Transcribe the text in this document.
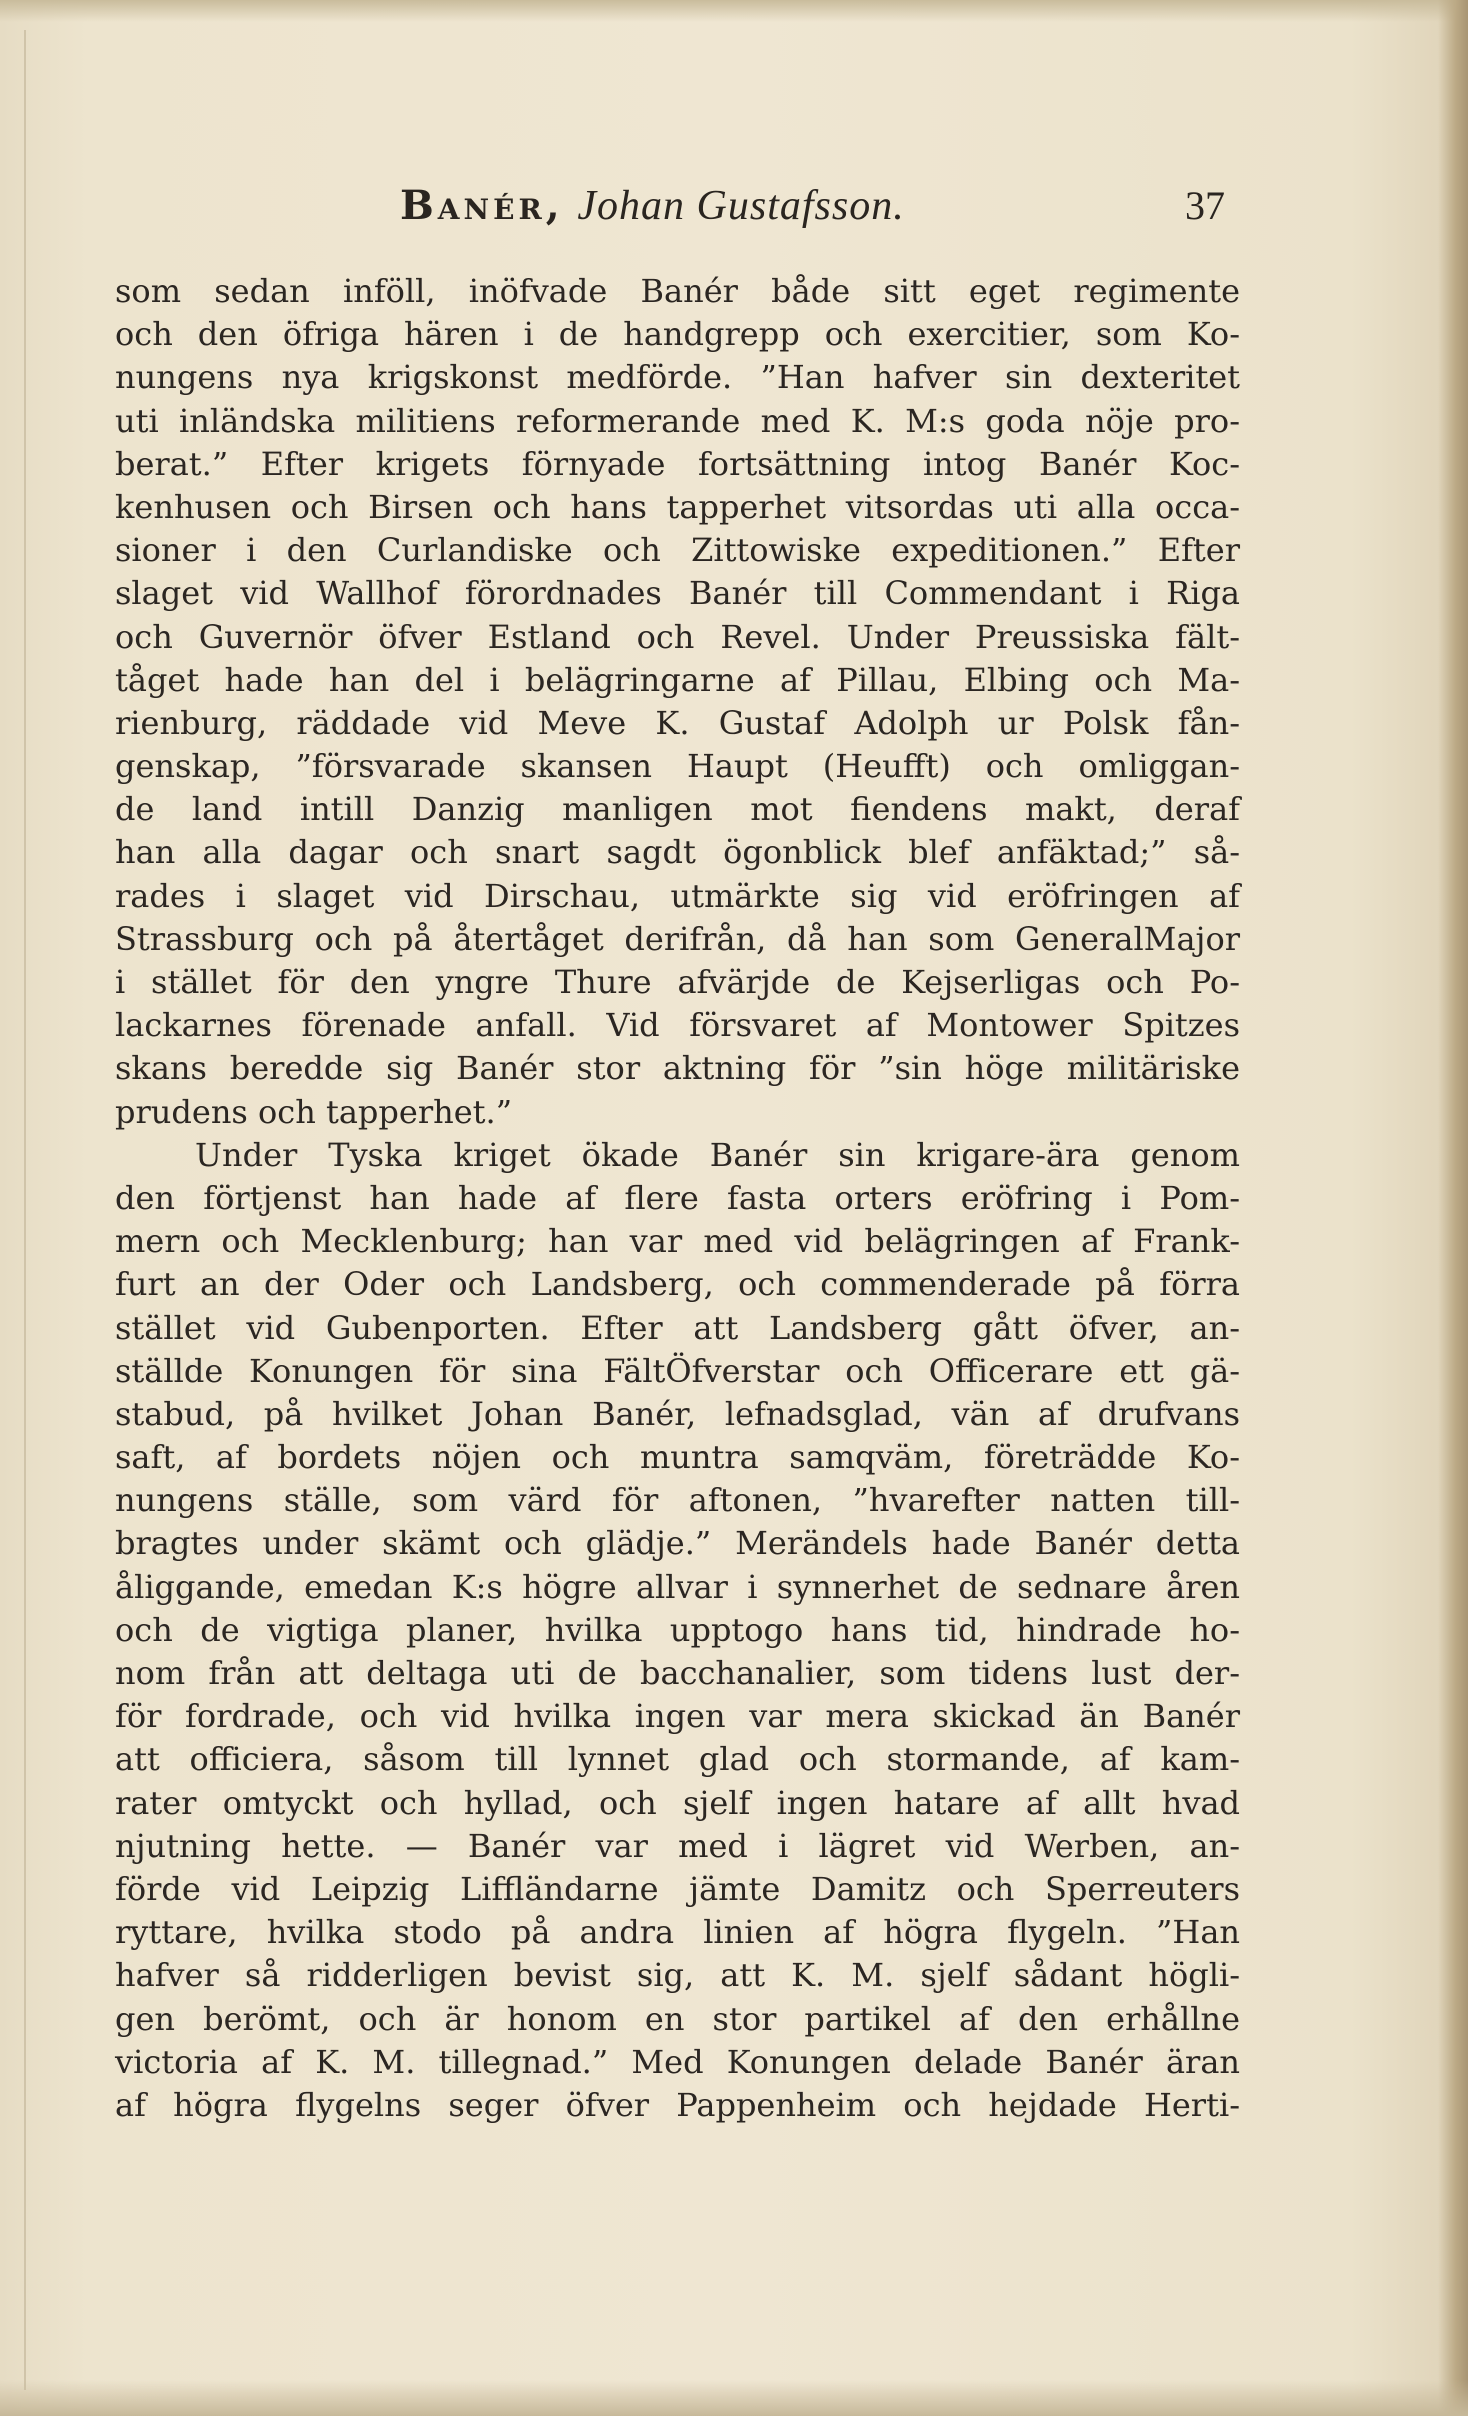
Banér, Johan Gustafsson.	37
som sedan inföll, inöfvade Banér både sitt eget regimente
och den öfriga hären i de handgrepp och exercitier, som Ko-
nungens nya krigskonst medförde. ”Han hafver sin dexteritet
uti inländska militiens reformerande med K. M:s goda nöje pro-
berat.” Efter krigets förnyade fortsättning intog Banér Koc-
kenhusen och Birsen och hans tapperhet vitsordas uti alla occa-
sioner i den Curlandiske och Zittowiske expeditionen.” Efter
slaget vid Wallhof förordnades Banér till Commendant i Riga
och Guvernör öfver Estland och Revel. Under Preussiska fält-
tåget hade han del i belägringarne af Pillau, Elbing och Ma-
rienburg, räddade vid Meve K. Gustaf Adolph ur Polsk fån-
genskap, ”försvarade skansen Haupt (Heufft) och omliggan-
de land intill Danzig manligen mot fiendens makt, deraf
han alla dagar och snart sagdt ögonblick blef anfäktad;” så-
rades i slaget vid Dirschau, utmärkte sig vid eröfringen af
Strassburg och på återtåget derifrån, då han som GeneralMajor
i stället för den yngre Thure afvärjde de Kejserligas och Po-
lackarnes förenade anfall. Vid försvaret af Montower Spitzes
skans beredde sig Banér stor aktning för ”sin höge militäriske
prudens och tapperhet.”
Under Tyska kriget ökade Banér sin krigare-ära genom
den förtjenst han hade af flere fasta orters eröfring i Pom-
mern och Mecklenburg; han var med vid belägringen af Frank-
furt an der Oder och Landsberg, och commenderade på förra
stället vid Gubenporten. Efter att Landsberg gått öfver, an-
ställde Konungen för sina FältÖfverstar och Officerare ett gä-
stabud, på hvilket Johan Banér, lefnadsglad, vän af drufvans
saft, af bordets nöjen och muntra samqväm, företrädde Ko-
nungens ställe, som värd för aftonen, ”hvarefter natten till-
bragtes under skämt och glädje.” Merändels hade Banér detta
åliggande, emedan K:s högre allvar i synnerhet de sednare åren
och de vigtiga planer, hvilka upptogo hans tid, hindrade ho-
nom från att deltaga uti de bacchanalier, som tidens lust der-
för fordrade, och vid hvilka ingen var mera skickad än Banér
att officiera, såsom till lynnet glad och stormande, af kam-
rater omtyckt och hyllad, och sjelf ingen hatare af allt hvad
njutning hette. — Banér var med i lägret vid Werben, an-
förde vid Leipzig Liffländarne jämte Damitz och Sperreuters
ryttare, hvilka stodo på andra linien af högra flygeln. ”Han
hafver så ridderligen bevist sig, att K. M. sjelf sådant högli-
gen berömt, och är honom en stor partikel af den erhållne
victoria af K. M. tillegnad.” Med Konungen delade Banér äran
af högra flygelns seger öfver Pappenheim och hejdade Herti-
